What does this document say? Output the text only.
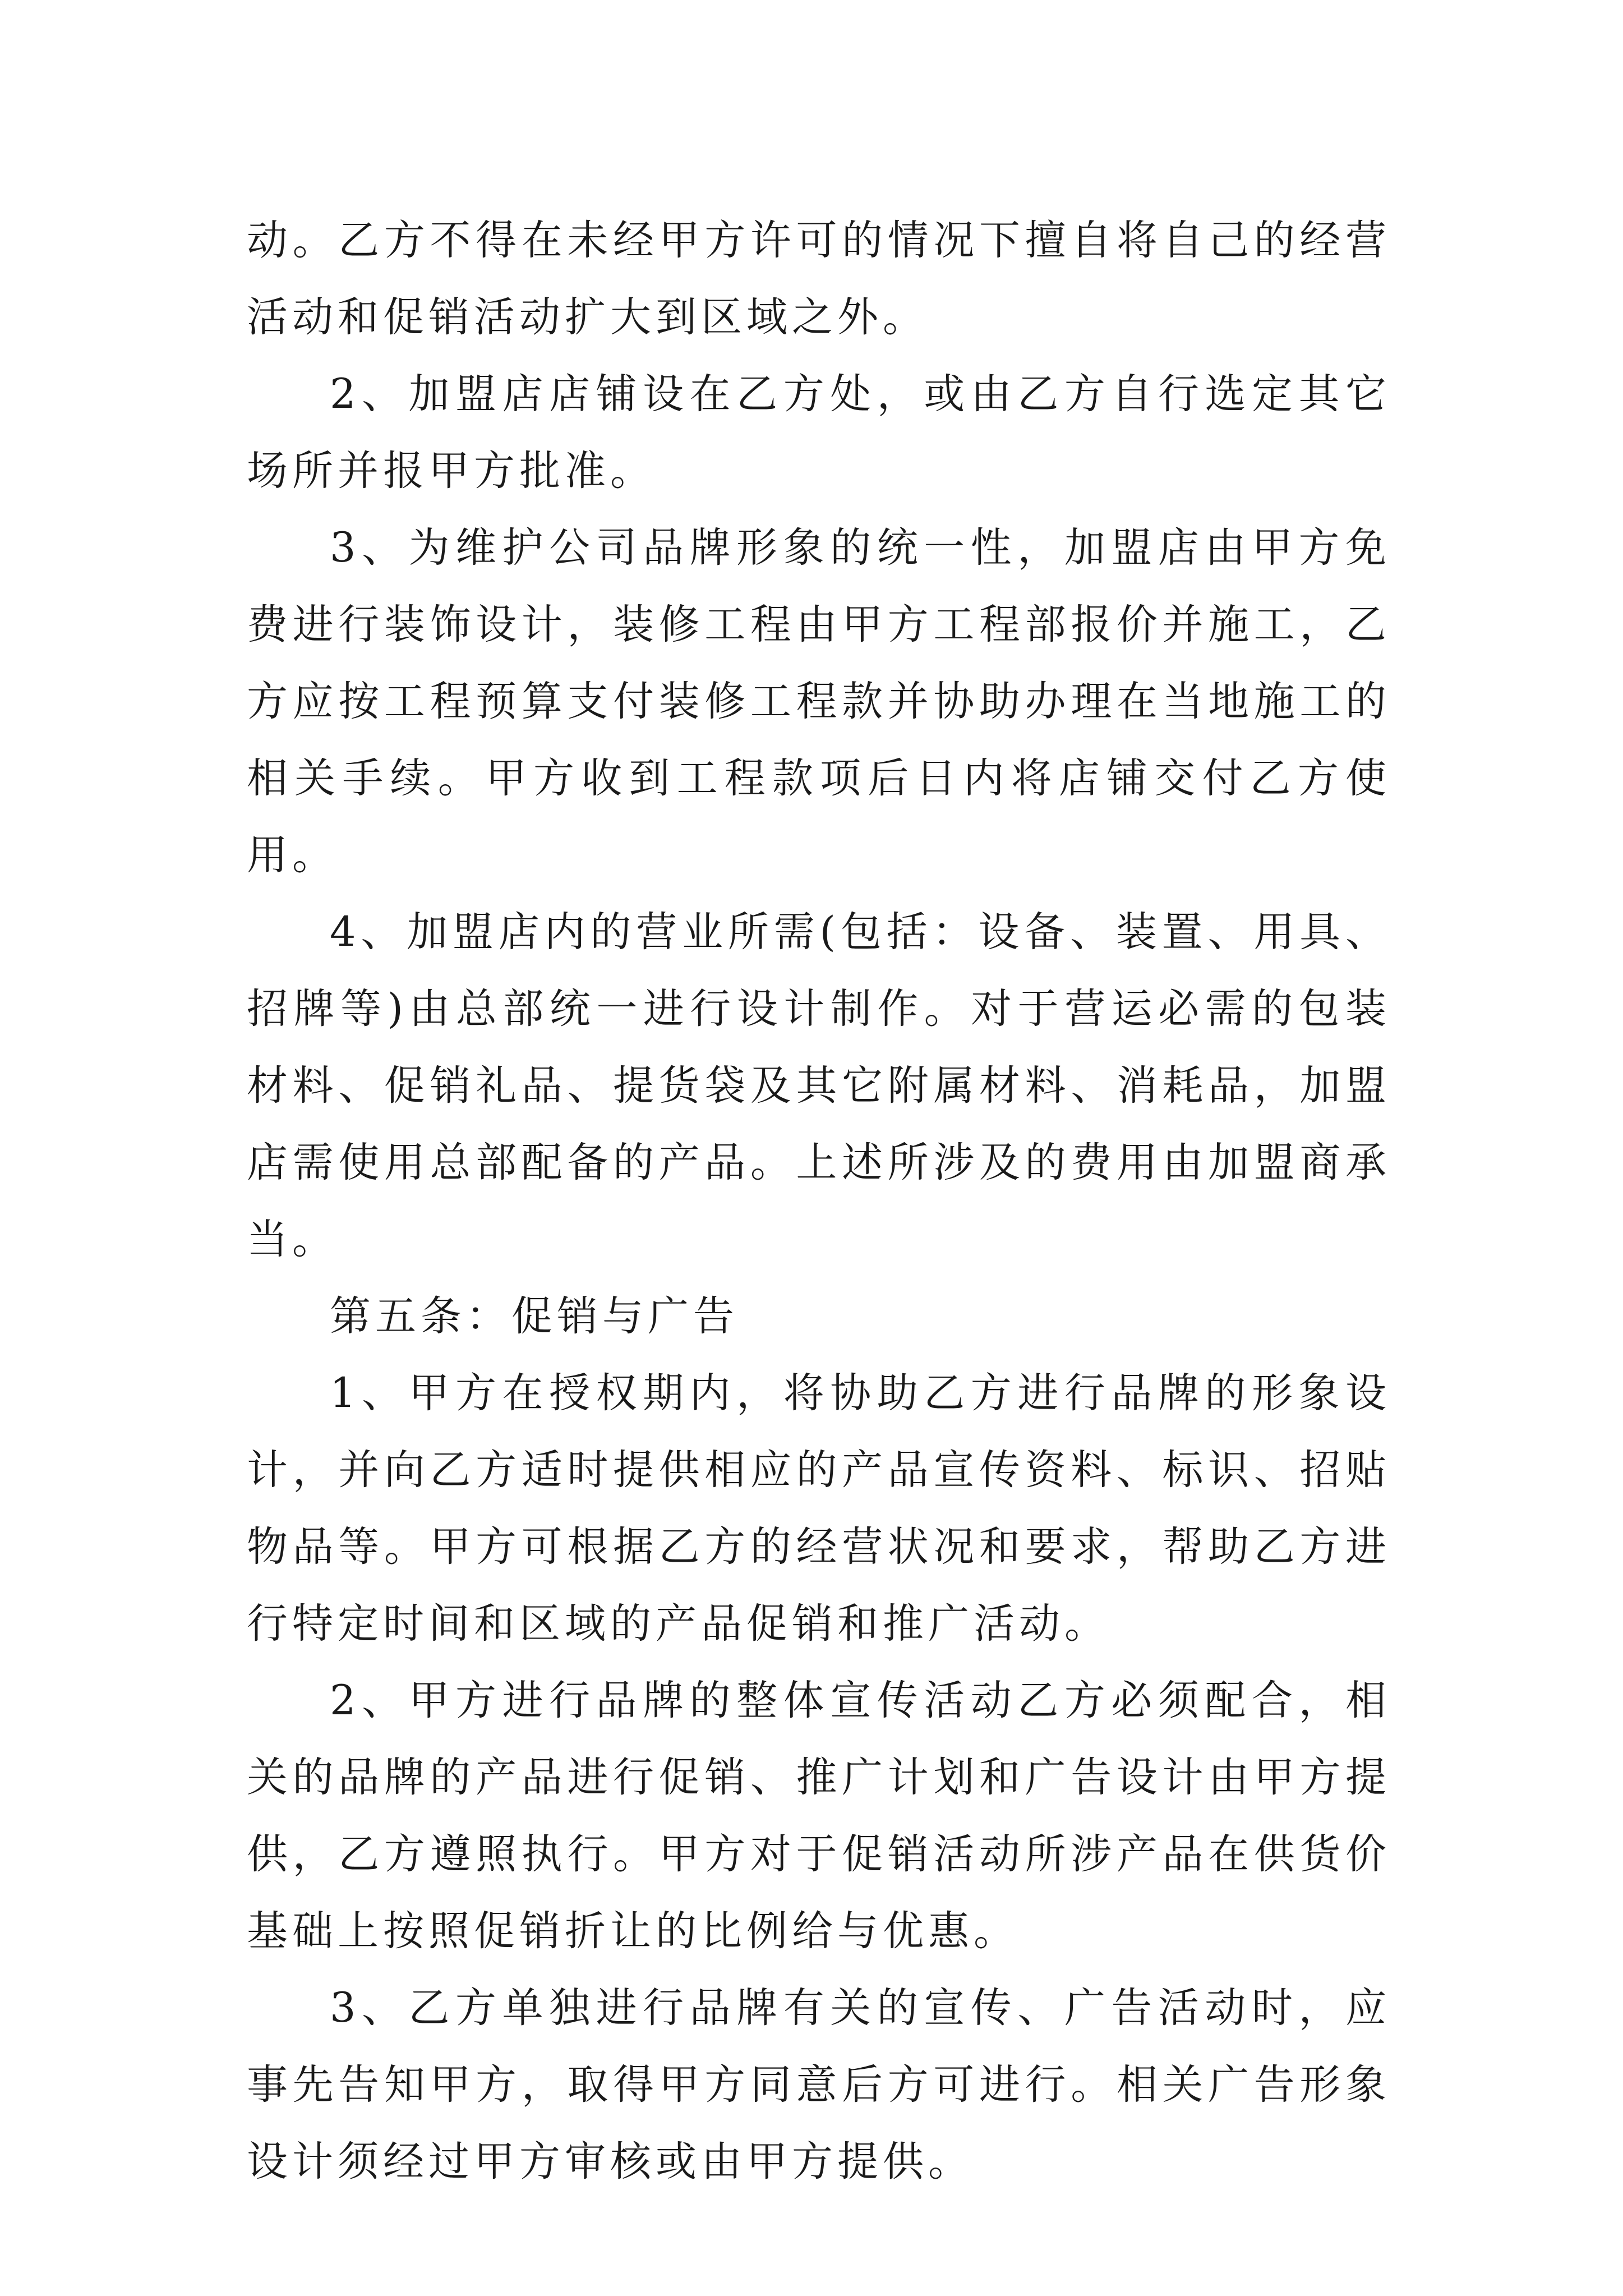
动。乙方不得在未经甲方许可的情况下擅自将自己的经营活动和促销活动扩大到区域之外。

2、加盟店店铺设在乙方处，或由乙方自行选定其它场所并报甲方批准。

3、为维护公司品牌形象的统一性，加盟店由甲方免费进行装饰设计，装修工程由甲方工程部报价并施工，乙方应按工程预算支付装修工程款并协助办理在当地施工的相关手续。甲方收到工程款项后日内将店铺交付乙方使用。

4、加盟店内的营业所需(包括：设备、装置、用具、招牌等)由总部统一进行设计制作。对于营运必需的包装材料、促销礼品、提货袋及其它附属材料、消耗品，加盟店需使用总部配备的产品。上述所涉及的费用由加盟商承当。

第五条：促销与广告

1、甲方在授权期内，将协助乙方进行品牌的形象设计，并向乙方适时提供相应的产品宣传资料、标识、招贴物品等。甲方可根据乙方的经营状况和要求，帮助乙方进行特定时间和区域的产品促销和推广活动。

2、甲方进行品牌的整体宣传活动乙方必须配合，相关的品牌的产品进行促销、推广计划和广告设计由甲方提供，乙方遵照执行。甲方对于促销活动所涉产品在供货价基础上按照促销折让的比例给与优惠。

3、乙方单独进行品牌有关的宣传、广告活动时，应事先告知甲方，取得甲方同意后方可进行。相关广告形象设计须经过甲方审核或由甲方提供。
